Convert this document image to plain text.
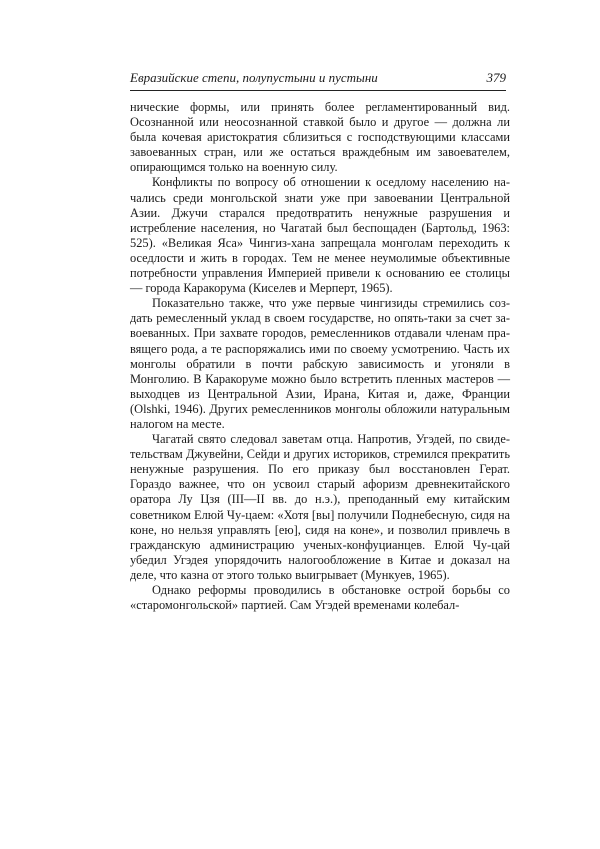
Евразийские степи, полупустыни и пустыни	379

нические формы, или принять более регламентированный вид. Осознанной или неосознанной ставкой было и другое — должна ли была кочевая аристократия сблизиться с господствующими классами завоеванных стран, или же остаться враждебным им завоевателем, опирающимся только на военную силу.

Конфликты по вопросу об отношении к оседлому населению начались среди монгольской знати уже при завоевании Центральной Азии. Джучи старался предотвратить ненужные разрушения и истребление населения, но Чагатай был беспощаден (Бартольд, 1963: 525). «Великая Яса» Чингиз-хана запрещала монголам переходить к оседлости и жить в городах. Тем не менее неумолимые объективные потребности управления Империей привели к основанию ее столицы — города Каракорума (Киселев и Мерперт, 1965).

Показательно также, что уже первые чингизиды стремились создать ремесленный уклад в своем государстве, но опять-таки за счет завоеванных. При захвате городов, ремесленников отдавали членам правящего рода, а те распоряжались ими по своему усмотрению. Часть их монголы обратили в почти рабскую зависимость и угоняли в Монголию. В Каракоруме можно было встретить пленных мастеров — выходцев из Центральной Азии, Ирана, Китая и, даже, Франции (Olshki, 1946). Других ремесленников монголы обложили натуральным налогом на месте.

Чагатай свято следовал заветам отца. Напротив, Угэдей, по свидетельствам Джувейни, Сейди и других историков, стремился прекратить ненужные разрушения. По его приказу был восстановлен Герат. Гораздо важнее, что он усвоил старый афоризм древнекитайского оратора Лу Цзя (III—II вв. до н.э.), преподанный ему китайским советником Елюй Чу-цаем: «Хотя [вы] получили Поднебесную, сидя на коне, но нельзя управлять [ею], сидя на коне», и позволил привлечь в гражданскую администрацию ученых-конфуцианцев. Елюй Чу-цай убедил Угэдея упорядочить налогообложение в Китае и доказал на деле, что казна от этого только выигрывает (Мункуев, 1965).

Однако реформы проводились в обстановке острой борьбы со «старомонгольской» партией. Сам Угэдей временами колебал-
